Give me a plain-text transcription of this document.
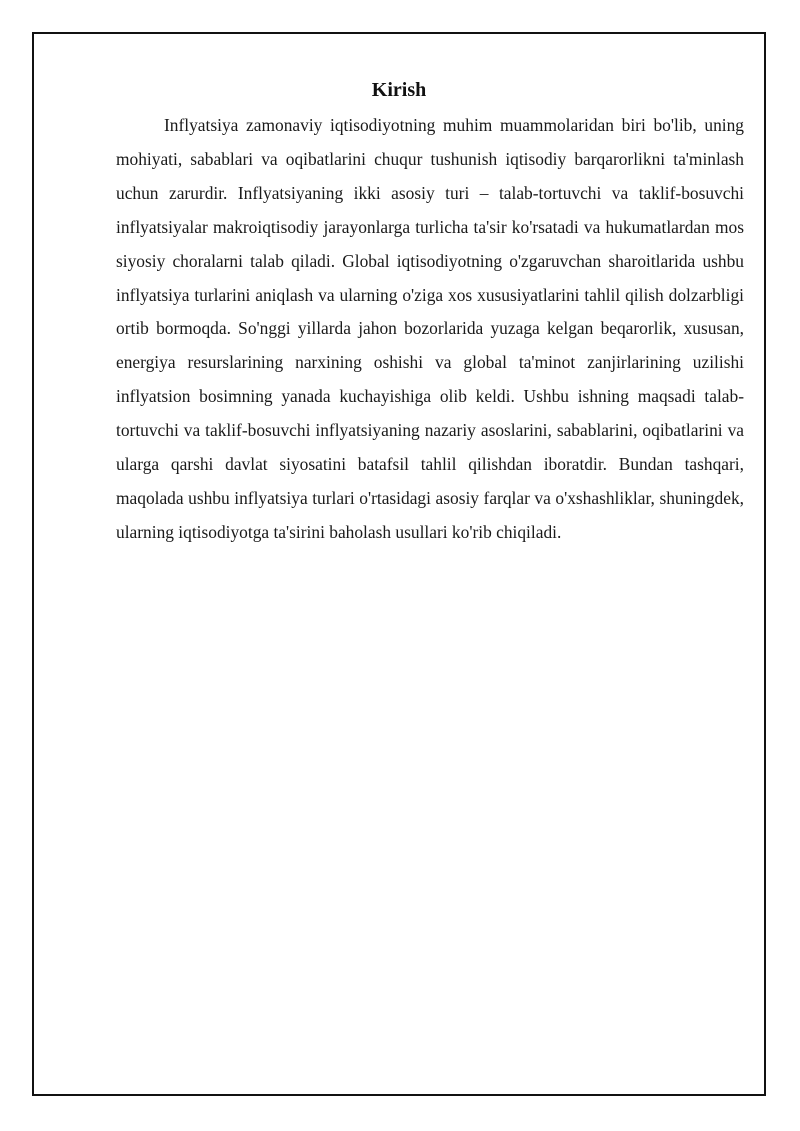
Kirish

Inflyatsiya zamonaviy iqtisodiyotning muhim muammolaridan biri bo'lib, uning mohiyati, sabablari va oqibatlarini chuqur tushunish iqtisodiy barqarorlikni ta'minlash uchun zarurdir. Inflyatsiyaning ikki asosiy turi – talab-tortuvchi va taklif-bosuvchi inflyatsiyalar makroiqtisodiy jarayonlarga turlicha ta'sir ko'rsatadi va hukumatlardan mos siyosiy choralarni talab qiladi. Global iqtisodiyotning o'zgaruvchan sharoitlarida ushbu inflyatsiya turlarini aniqlash va ularning o'ziga xos xususiyatlarini tahlil qilish dolzarbligi ortib bormoqda. So'nggi yillarda jahon bozorlarida yuzaga kelgan beqarorlik, xususan, energiya resurslarining narxining oshishi va global ta'minot zanjirlarining uzilishi inflyatsion bosimning yanada kuchayishiga olib keldi. Ushbu ishning maqsadi talab-tortuvchi va taklif-bosuvchi inflyatsiyaning nazariy asoslarini, sabablarini, oqibatlarini va ularga qarshi davlat siyosatini batafsil tahlil qilishdan iboratdir. Bundan tashqari, maqolada ushbu inflyatsiya turlari o'rtasidagi asosiy farqlar va o'xshashliklar, shuningdek, ularning iqtisodiyotga ta'sirini baholash usullari ko'rib chiqiladi.
